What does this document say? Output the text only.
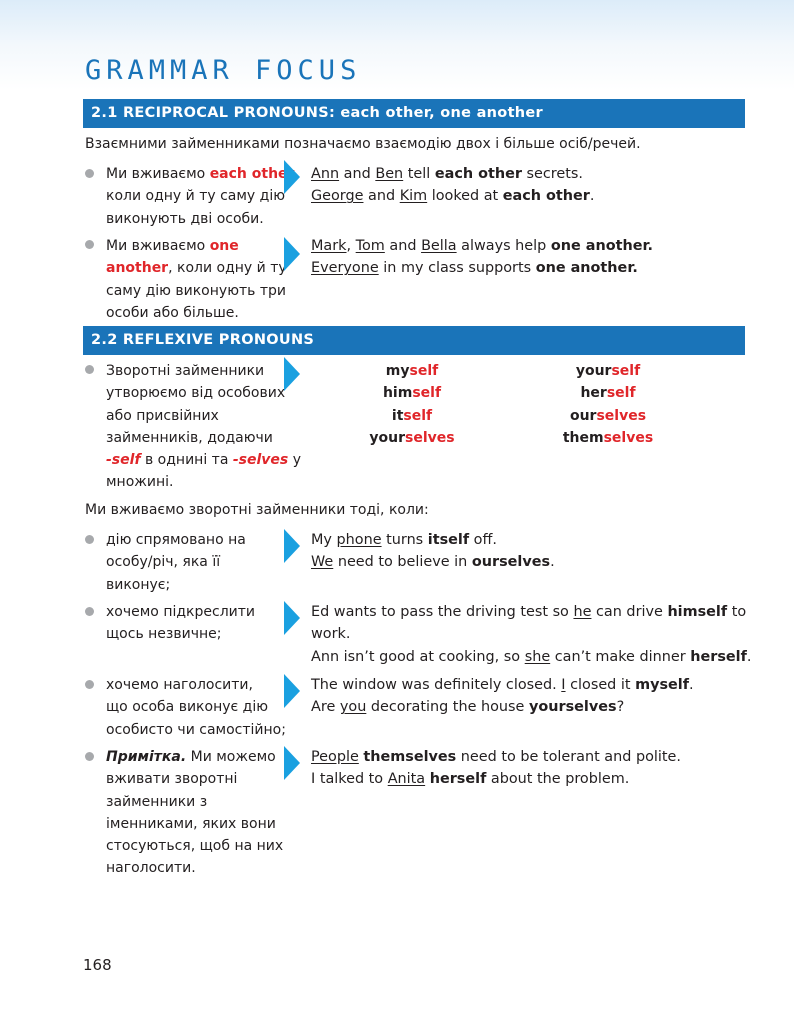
GRAMMAR FOCUS
2.1 RECIPROCAL PRONOUNS: each other, one another
Взаємними займенниками позначаємо взаємодію двох і більше осіб/речей.
Ми вживаємо each other,
коли одну й ту саму дію
виконують дві особи.
Ann and Ben tell each other secrets.
George and Kim looked at each other.
Ми вживаємо one
another, коли одну й ту
саму дію виконують три
особи або більше.
Mark, Tom and Bella always help one another.
Everyone in my class supports one another.
2.2 REFLEXIVE PRONOUNS
Зворотні займенники
утворюємо від особових
або присвійних
займенників, додаючи
-self в однині та -selves у
множині.
myself
himself
itself
yourselves
yourself
herself
ourselves
themselves
Ми вживаємо зворотні займенники тоді, коли:
дію спрямовано на
особу/річ, яка її
виконує;
My phone turns itself off.
We need to believe in ourselves.
хочемо підкреслити
щось незвичне;
Ed wants to pass the driving test so he can drive himself to
work.
Ann isn’t good at cooking, so she can’t make dinner herself.
хочемо наголосити,
що особа виконує дію
особисто чи самостійно;
The window was definitely closed. I closed it myself.
Are you decorating the house yourselves?
Примітка. Ми можемо
вживати зворотні
займенники з
іменниками, яких вони
стосуються, щоб на них
наголосити.
People themselves need to be tolerant and polite.
I talked to Anita herself about the problem.
168
